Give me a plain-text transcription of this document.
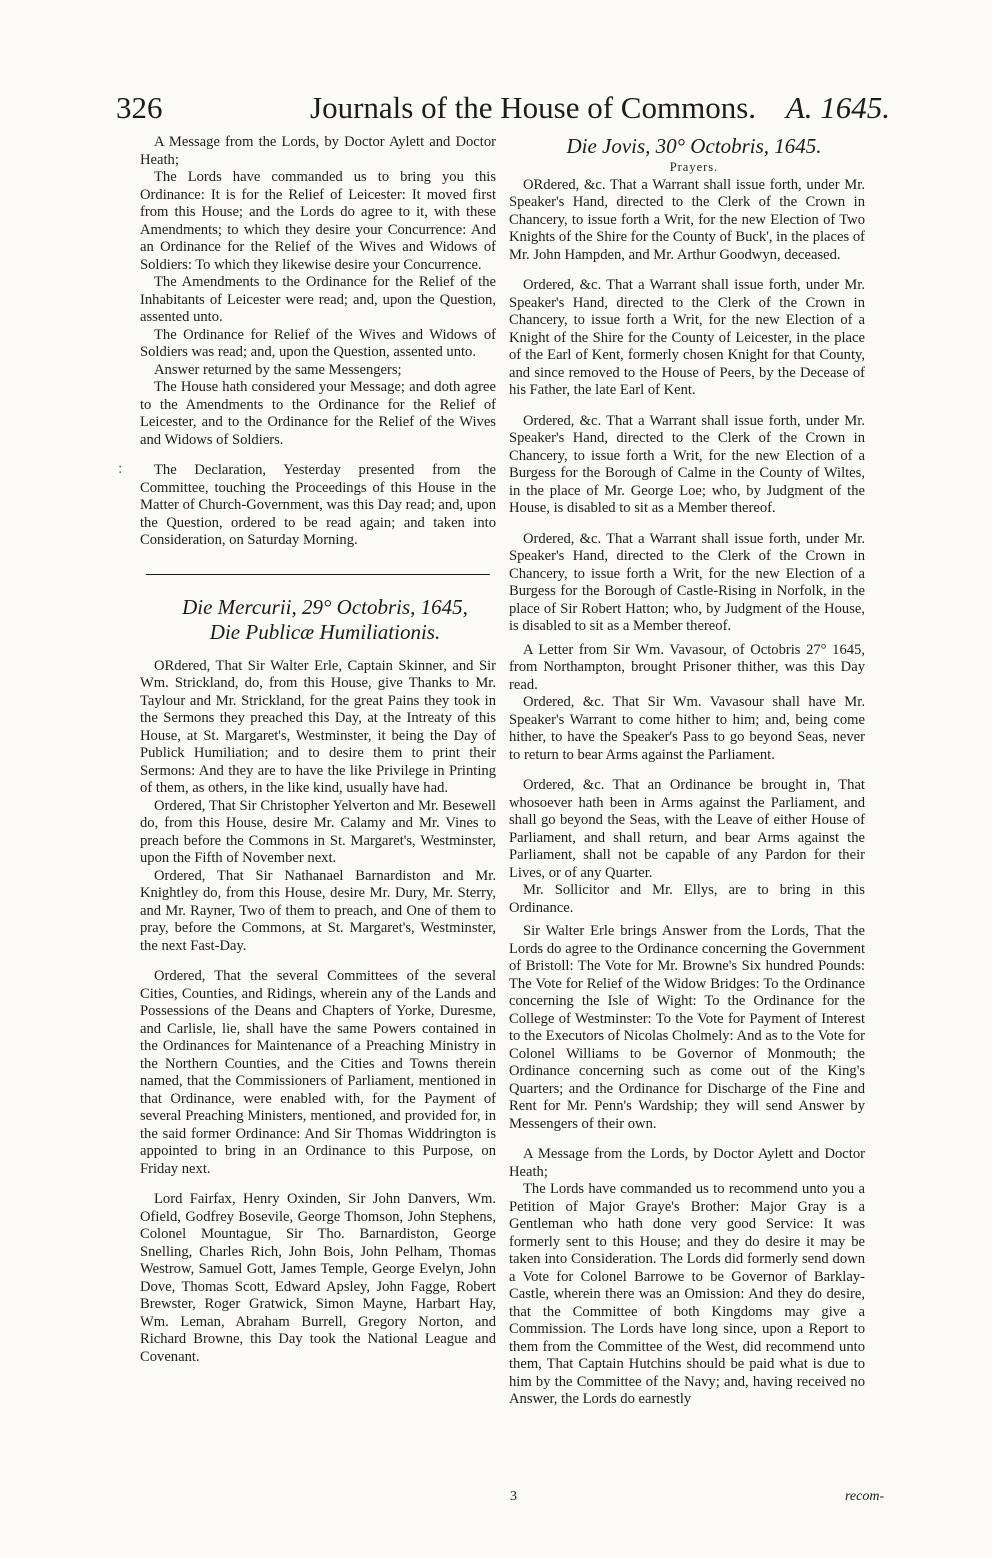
326	Journals of the House of Commons. A. 1645.
:

A Message from the Lords, by Doctor Aylett and Doctor Heath;

The Lords have commanded us to bring you this Ordinance: It is for the Relief of Leicester: It moved first from this House; and the Lords do agree to it, with these Amendments; to which they desire your Concurrence: And an Ordinance for the Relief of the Wives and Widows of Soldiers: To which they likewise desire your Concurrence.

The Amendments to the Ordinance for the Relief of the Inhabitants of Leicester were read; and, upon the Question, assented unto.

The Ordinance for Relief of the Wives and Widows of Soldiers was read; and, upon the Question, assented unto.

Answer returned by the same Messengers;

The House hath considered your Message; and doth agree to the Amendments to the Ordinance for the Relief of Leicester, and to the Ordinance for the Relief of the Wives and Widows of Soldiers.

The Declaration, Yesterday presented from the Committee, touching the Proceedings of this House in the Matter of Church-Government, was this Day read; and, upon the Question, ordered to be read again; and taken into Consideration, on Saturday Morning.

Die Mercurii, 29° Octobris, 1645,

Die Publicæ Humiliationis.

ORdered, That Sir Walter Erle, Captain Skinner, and Sir Wm. Strickland, do, from this House, give Thanks to Mr. Taylour and Mr. Strickland, for the great Pains they took in the Sermons they preached this Day, at the Intreaty of this House, at St. Margaret's, Westminster, it being the Day of Publick Humiliation; and to desire them to print their Sermons: And they are to have the like Privilege in Printing of them, as others, in the like kind, usually have had.

Ordered, That Sir Christopher Yelverton and Mr. Besewell do, from this House, desire Mr. Calamy and Mr. Vines to preach before the Commons in St. Margaret's, Westminster, upon the Fifth of November next.

Ordered, That Sir Nathanael Barnardiston and Mr. Knightley do, from this House, desire Mr. Dury, Mr. Sterry, and Mr. Rayner, Two of them to preach, and One of them to pray, before the Commons, at St. Margaret's, Westminster, the next Fast-Day.

Ordered, That the several Committees of the several Cities, Counties, and Ridings, wherein any of the Lands and Possessions of the Deans and Chapters of Yorke, Duresme, and Carlisle, lie, shall have the same Powers contained in the Ordinances for Maintenance of a Preaching Ministry in the Northern Counties, and the Cities and Towns therein named, that the Commissioners of Parliament, mentioned in that Ordinance, were enabled with, for the Payment of several Preaching Ministers, mentioned, and provided for, in the said former Ordinance: And Sir Thomas Widdrington is appointed to bring in an Ordinance to this Purpose, on Friday next.

Lord Fairfax, Henry Oxinden, Sir John Danvers, Wm. Ofield, Godfrey Bosevile, George Thomson, John Stephens, Colonel Mountague, Sir Tho. Barnardiston, George Snelling, Charles Rich, John Bois, John Pelham, Thomas Westrow, Samuel Gott, James Temple, George Evelyn, John Dove, Thomas Scott, Edward Apsley, John Fagge, Robert Brewster, Roger Gratwick, Simon Mayne, Harbart Hay, Wm. Leman, Abraham Burrell, Gregory Norton, and Richard Browne, this Day took the National League and Covenant.

Die Jovis, 30° Octobris, 1645.

Prayers.

ORdered, &c. That a Warrant shall issue forth, under Mr. Speaker's Hand, directed to the Clerk of the Crown in Chancery, to issue forth a Writ, for the new Election of Two Knights of the Shire for the County of Buck', in the places of Mr. John Hampden, and Mr. Arthur Goodwyn, deceased.

Ordered, &c. That a Warrant shall issue forth, under Mr. Speaker's Hand, directed to the Clerk of the Crown in Chancery, to issue forth a Writ, for the new Election of a Knight of the Shire for the County of Leicester, in the place of the Earl of Kent, formerly chosen Knight for that County, and since removed to the House of Peers, by the Decease of his Father, the late Earl of Kent.

Ordered, &c. That a Warrant shall issue forth, under Mr. Speaker's Hand, directed to the Clerk of the Crown in Chancery, to issue forth a Writ, for the new Election of a Burgess for the Borough of Calme in the County of Wiltes, in the place of Mr. George Loe; who, by Judgment of the House, is disabled to sit as a Member thereof.

Ordered, &c. That a Warrant shall issue forth, under Mr. Speaker's Hand, directed to the Clerk of the Crown in Chancery, to issue forth a Writ, for the new Election of a Burgess for the Borough of Castle-Rising in Norfolk, in the place of Sir Robert Hatton; who, by Judgment of the House, is disabled to sit as a Member thereof.

A Letter from Sir Wm. Vavasour, of Octobris 27° 1645, from Northampton, brought Prisoner thither, was this Day read.

Ordered, &c. That Sir Wm. Vavasour shall have Mr. Speaker's Warrant to come hither to him; and, being come hither, to have the Speaker's Pass to go beyond Seas, never to return to bear Arms against the Parliament.

Ordered, &c. That an Ordinance be brought in, That whosoever hath been in Arms against the Parliament, and shall go beyond the Seas, with the Leave of either House of Parliament, and shall return, and bear Arms against the Parliament, shall not be capable of any Pardon for their Lives, or of any Quarter.

Mr. Sollicitor and Mr. Ellys, are to bring in this Ordinance.

Sir Walter Erle brings Answer from the Lords, That the Lords do agree to the Ordinance concerning the Government of Bristoll: The Vote for Mr. Browne's Six hundred Pounds: The Vote for Relief of the Widow Bridges: To the Ordinance concerning the Isle of Wight: To the Ordinance for the College of Westminster: To the Vote for Payment of Interest to the Executors of Nicolas Cholmely: And as to the Vote for Colonel Williams to be Governor of Monmouth; the Ordinance concerning such as come out of the King's Quarters; and the Ordinance for Discharge of the Fine and Rent for Mr. Penn's Wardship; they will send Answer by Messengers of their own.

A Message from the Lords, by Doctor Aylett and Doctor Heath;

The Lords have commanded us to recommend unto you a Petition of Major Graye's Brother: Major Gray is a Gentleman who hath done very good Service: It was formerly sent to this House; and they do desire it may be taken into Consideration. The Lords did formerly send down a Vote for Colonel Barrowe to be Governor of Barklay-Castle, wherein there was an Omission: And they do desire, that the Committee of both Kingdoms may give a Commission. The Lords have long since, upon a Report to them from the Committee of the West, did recommend unto them, That Captain Hutchins should be paid what is due to him by the Committee of the Navy; and, having received no Answer, the Lords do earnestly

3	recom-
